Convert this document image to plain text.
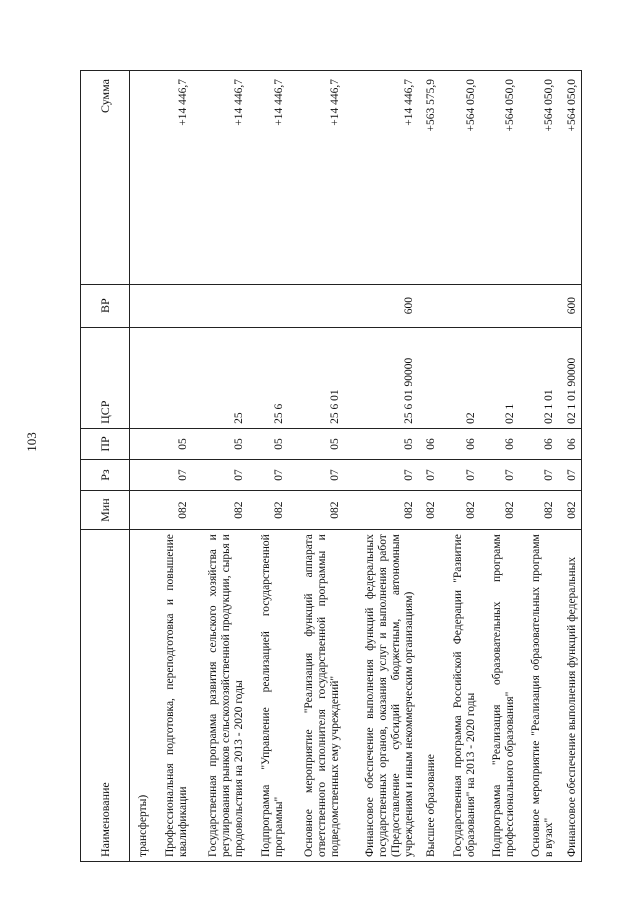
103
Наименование	Мин	Рз	ПР	ЦСР	ВР	Сумма
трансферты)						
Профессиональная подготовка, переподготовка и повышение квалификации	082	07	05			+14 446,7
Государственная программа развития сельского хозяйства и регулирования рынков сельскохозяйственной продукции, сырья и продовольствия на 2013 - 2020 годы	082	07	05	25		+14 446,7
Подпрограмма "Управление реализацией государственной программы"	082	07	05	25 6		+14 446,7
Основное мероприятие "Реализация функций аппарата ответственного исполнителя государственной программы и подведомственных ему учреждений"	082	07	05	25 6 01		+14 446,7
Финансовое обеспечение выполнения функций федеральных государственных органов, оказания услуг и выполнения работ (Предоставление субсидий бюджетным, автономным учреждениям и иным некоммерческим организациям)	082	07	05	25 6 01 90000	600	+14 446,7
Высшее образование	082	07	06			+563 575,9
Государственная программа Российской Федерации "Развитие образования" на 2013 - 2020 годы	082	07	06	02		+564 050,0
Подпрограмма "Реализация образовательных программ профессионального образования"	082	07	06	02 1		+564 050,0
Основное мероприятие "Реализация образовательных программ в вузах"	082	07	06	02 1 01		+564 050,0
Финансовое обеспечение выполнения функций федеральных	082	07	06	02 1 01 90000	600	+564 050,0
